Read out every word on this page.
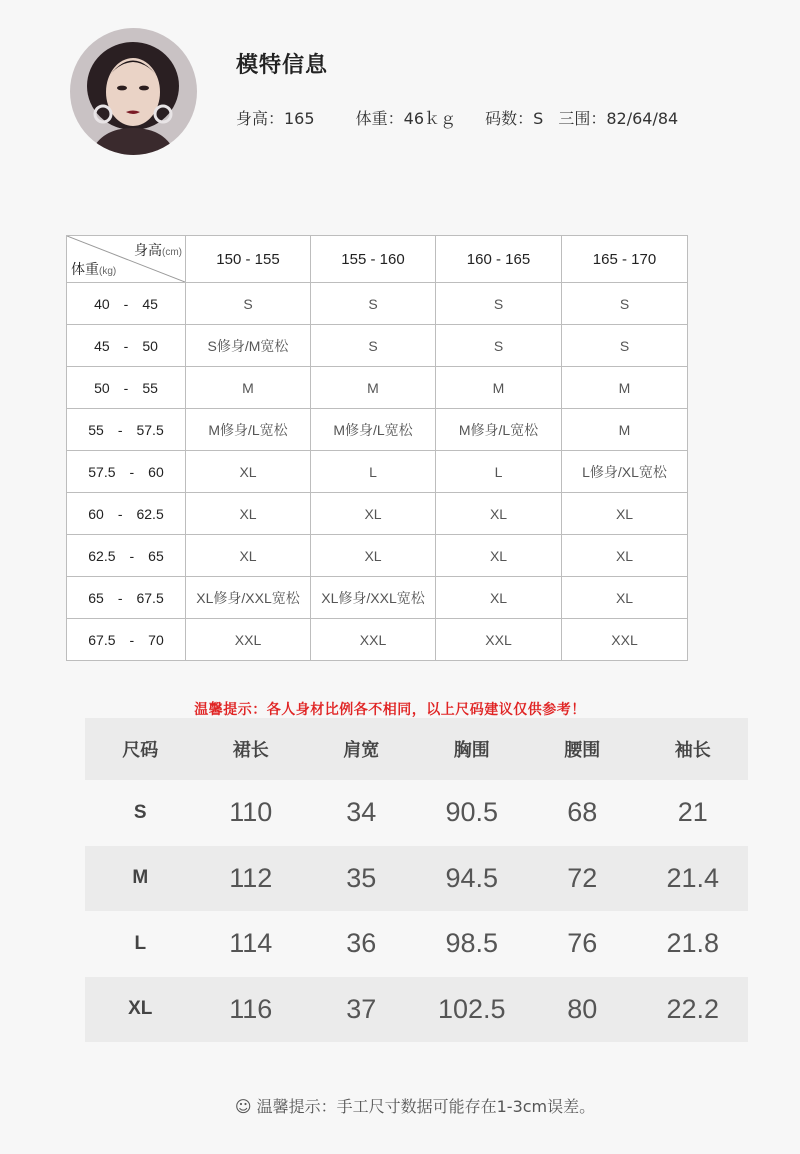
模特信息
身高：165	体重：46ｋｇ 码数：S 三围：82/64/84
身高(cm)
体重(kg)	150 - 155	155 - 160	160 - 165	165 - 170
40　-　45	S	S	S	S
45　-　50	S修身/M宽松	S	S	S
50　-　55	M	M	M	M
55　-　57.5	M修身/L宽松	M修身/L宽松	M修身/L宽松	M
57.5　-　60	XL	L	L	L修身/XL宽松
60　-　62.5	XL	XL	XL	XL
62.5　-　65	XL	XL	XL	XL
65　-　67.5	XL修身/XXL宽松	XL修身/XXL宽松	XL	XL
67.5　-　70	XXL	XXL	XXL	XXL
温馨提示：各人身材比例各不相同，以上尺码建议仅供参考！
尺码	裙长	肩宽	胸围	腰围	袖长
S	110	34	90.5	68	21
M	112	35	94.5	72	21.4
L	114	36	98.5	76	21.8
XL	116	37	102.5	80	22.2
☺ 温馨提示：手工尺寸数据可能存在1-3cm误差。
